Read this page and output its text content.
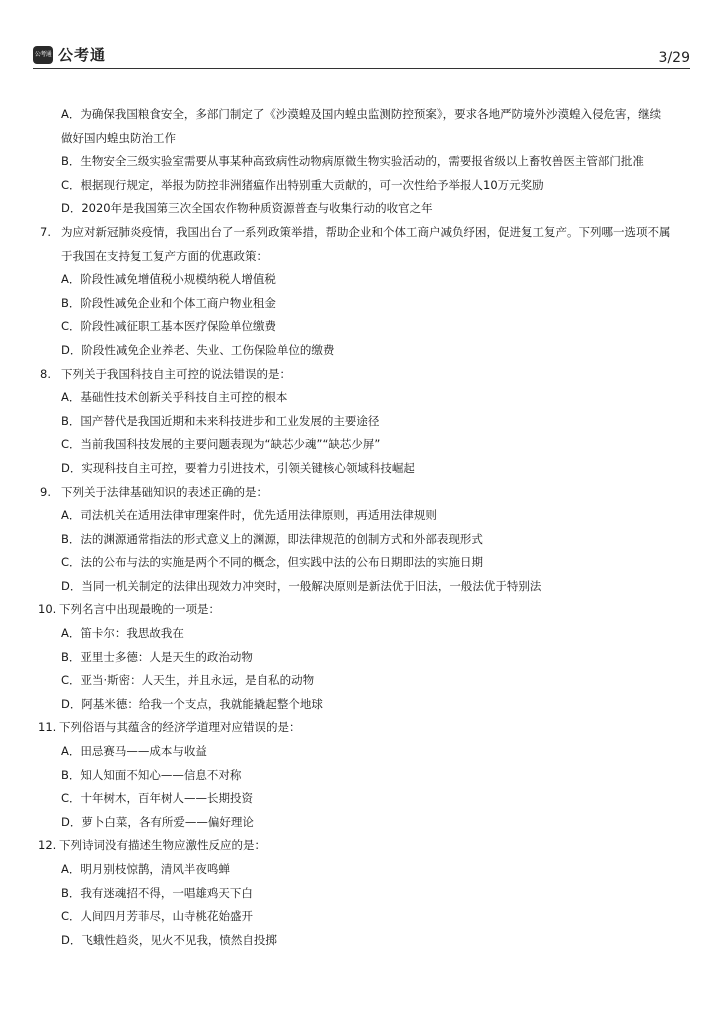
公考通 公考通	3/29
A．为确保我国粮食安全，多部门制定了《沙漠蝗及国内蝗虫监测防控预案》，要求各地严防境外沙漠蝗入侵危害，继续
做好国内蝗虫防治工作
B．生物安全三级实验室需要从事某种高致病性动物病原微生物实验活动的，需要报省级以上畜牧兽医主管部门批准
C．根据现行规定，举报为防控非洲猪瘟作出特别重大贡献的，可一次性给予举报人10万元奖励
D．2020年是我国第三次全国农作物种质资源普查与收集行动的收官之年
7. 为应对新冠肺炎疫情，我国出台了一系列政策举措，帮助企业和个体工商户减负纾困，促进复工复产。下列哪一选项不属
于我国在支持复工复产方面的优惠政策：
A．阶段性减免增值税小规模纳税人增值税
B．阶段性减免企业和个体工商户物业租金
C．阶段性减征职工基本医疗保险单位缴费
D．阶段性减免企业养老、失业、工伤保险单位的缴费
8. 下列关于我国科技自主可控的说法错误的是：
A．基础性技术创新关乎科技自主可控的根本
B．国产替代是我国近期和未来科技进步和工业发展的主要途径
C．当前我国科技发展的主要问题表现为“缺芯少魂”“缺芯少屏”
D．实现科技自主可控，要着力引进技术，引领关键核心领域科技崛起
9. 下列关于法律基础知识的表述正确的是：
A．司法机关在适用法律审理案件时，优先适用法律原则，再适用法律规则
B．法的渊源通常指法的形式意义上的渊源，即法律规范的创制方式和外部表现形式
C．法的公布与法的实施是两个不同的概念，但实践中法的公布日期即法的实施日期
D．当同一机关制定的法律出现效力冲突时，一般解决原则是新法优于旧法，一般法优于特别法
10. 下列名言中出现最晚的一项是：
A．笛卡尔：我思故我在
B．亚里士多德：人是天生的政治动物
C．亚当·斯密：人天生，并且永远，是自私的动物
D．阿基米德：给我一个支点，我就能撬起整个地球
11. 下列俗语与其蕴含的经济学道理对应错误的是：
A．田忌赛马——成本与收益
B．知人知面不知心——信息不对称
C．十年树木，百年树人——长期投资
D．萝卜白菜，各有所爱——偏好理论
12. 下列诗词没有描述生物应激性反应的是：
A．明月别枝惊鹊，清风半夜鸣蝉
B．我有迷魂招不得，一唱雄鸡天下白
C．人间四月芳菲尽，山寺桃花始盛开
D．飞蛾性趋炎，见火不见我，愤然自投掷
